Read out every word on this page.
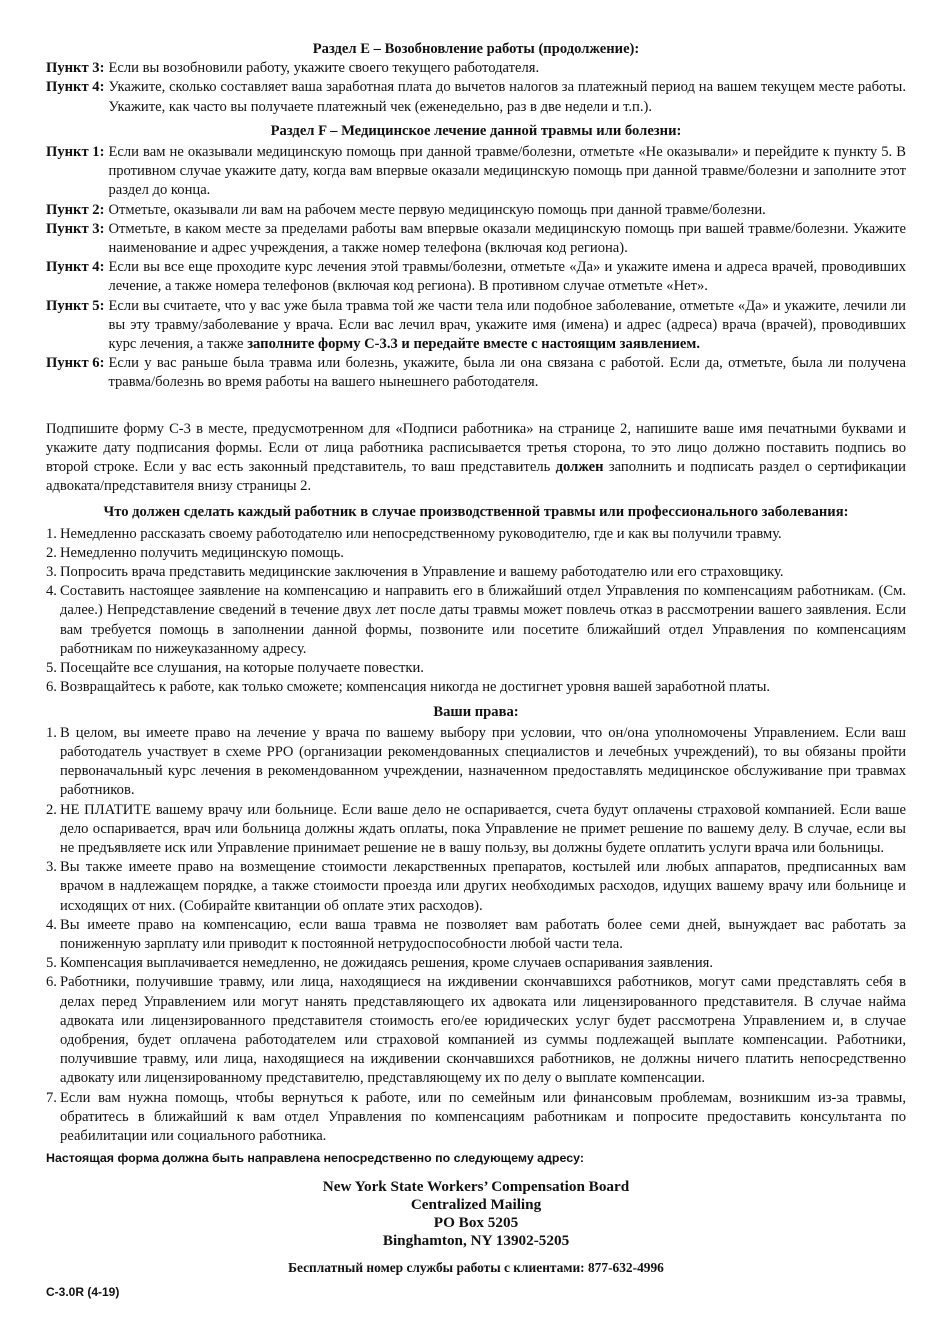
Раздел E – Возобновление работы (продолжение):

Пункт 3: Если вы возобновили работу, укажите своего текущего работодателя.
Пункт 4: Укажите, сколько составляет ваша заработная плата до вычетов налогов за платежный период на вашем текущем месте работы. Укажите, как часто вы получаете платежный чек (еженедельно, раз в две недели и т.п.).

Раздел F – Медицинское лечение данной травмы или болезни:

Пункт 1: Если вам не оказывали медицинскую помощь при данной травме/болезни, отметьте «Не оказывали» и перейдите к пункту 5. В противном случае укажите дату, когда вам впервые оказали медицинскую помощь при данной травме/болезни и заполните этот раздел до конца.
Пункт 2: Отметьте, оказывали ли вам на рабочем месте первую медицинскую помощь при данной травме/болезни.
Пункт 3: Отметьте, в каком месте за пределами работы вам впервые оказали медицинскую помощь при вашей травме/болезни. Укажите наименование и адрес учреждения, а также номер телефона (включая код региона).
Пункт 4: Если вы все еще проходите курс лечения этой травмы/болезни, отметьте «Да» и укажите имена и адреса врачей, проводивших лечение, а также номера телефонов (включая код региона). В противном случае отметьте «Нет».
Пункт 5: Если вы считаете, что у вас уже была травма той же части тела или подобное заболевание, отметьте «Да» и укажите, лечили ли вы эту травму/заболевание у врача. Если вас лечил врач, укажите имя (имена) и адрес (адреса) врача (врачей), проводивших курс лечения, а также заполните форму С-3.3 и передайте вместе с настоящим заявлением.
Пункт 6: Если у вас раньше была травма или болезнь, укажите, была ли она связана с работой. Если да, отметьте, была ли получена травма/болезнь во время работы на вашего нынешнего работодателя.

Подпишите форму С-3 в месте, предусмотренном для «Подписи работника» на странице 2, напишите ваше имя печатными буквами и укажите дату подписания формы. Если от лица работника расписывается третья сторона, то это лицо должно поставить подпись во второй строке. Если у вас есть законный представитель, то ваш представитель должен заполнить и подписать раздел о сертификации адвоката/представителя внизу страницы 2.

Что должен сделать каждый работник в случае производственной травмы или профессионального заболевания:

1. Немедленно рассказать своему работодателю или непосредственному руководителю, где и как вы получили травму.
2. Немедленно получить медицинскую помощь.
3. Попросить врача представить медицинские заключения в Управление и вашему работодателю или его страховщику.
4. Составить настоящее заявление на компенсацию и направить его в ближайший отдел Управления по компенсациям работникам. (См. далее.) Непредставление сведений в течение двух лет после даты травмы может повлечь отказ в рассмотрении вашего заявления. Если вам требуется помощь в заполнении данной формы, позвоните или посетите ближайший отдел Управления по компенсациям работникам по нижеуказанному адресу.
5. Посещайте все слушания, на которые получаете повестки.
6. Возвращайтесь к работе, как только сможете; компенсация никогда не достигнет уровня вашей заработной платы.

Ваши права:

1. В целом, вы имеете право на лечение у врача по вашему выбору при условии, что он/она уполномочены Управлением. Если ваш работодатель участвует в схеме PPO (организации рекомендованных специалистов и лечебных учреждений), то вы обязаны пройти первоначальный курс лечения в рекомендованном учреждении, назначенном предоставлять медицинское обслуживание при травмах работников.
2. НЕ ПЛАТИТЕ вашему врачу или больнице. Если ваше дело не оспаривается, счета будут оплачены страховой компанией. Если ваше дело оспаривается, врач или больница должны ждать оплаты, пока Управление не примет решение по вашему делу. В случае, если вы не предъявляете иск или Управление принимает решение не в вашу пользу, вы должны будете оплатить услуги врача или больницы.
3. Вы также имеете право на возмещение стоимости лекарственных препаратов, костылей или любых аппаратов, предписанных вам врачом в надлежащем порядке, а также стоимости проезда или других необходимых расходов, идущих вашему врачу или больнице и исходящих от них. (Собирайте квитанции об оплате этих расходов).
4. Вы имеете право на компенсацию, если ваша травма не позволяет вам работать более семи дней, вынуждает вас работать за пониженную зарплату или приводит к постоянной нетрудоспособности любой части тела.
5. Компенсация выплачивается немедленно, не дожидаясь решения, кроме случаев оспаривания заявления.
6. Работники, получившие травму, или лица, находящиеся на иждивении скончавшихся работников, могут сами представлять себя в делах перед Управлением или могут нанять представляющего их адвоката или лицензированного представителя. В случае найма адвоката или лицензированного представителя стоимость его/ее юридических услуг будет рассмотрена Управлением и, в случае одобрения, будет оплачена работодателем или страховой компанией из суммы подлежащей выплате компенсации. Работники, получившие травму, или лица, находящиеся на иждивении скончавшихся работников, не должны ничего платить непосредственно адвокату или лицензированному представителю, представляющему их по делу о выплате компенсации.
7. Если вам нужна помощь, чтобы вернуться к работе, или по семейным или финансовым проблемам, возникшим из-за травмы, обратитесь в ближайший к вам отдел Управления по компенсациям работникам и попросите предоставить консультанта по реабилитации или социального работника.

Настоящая форма должна быть направлена непосредственно по следующему адресу:

New York State Workers’ Compensation Board
Centralized Mailing
PO Box 5205
Binghamton, NY 13902-5205

Бесплатный номер службы работы с клиентами: 877-632-4996

C-3.0R (4-19)
